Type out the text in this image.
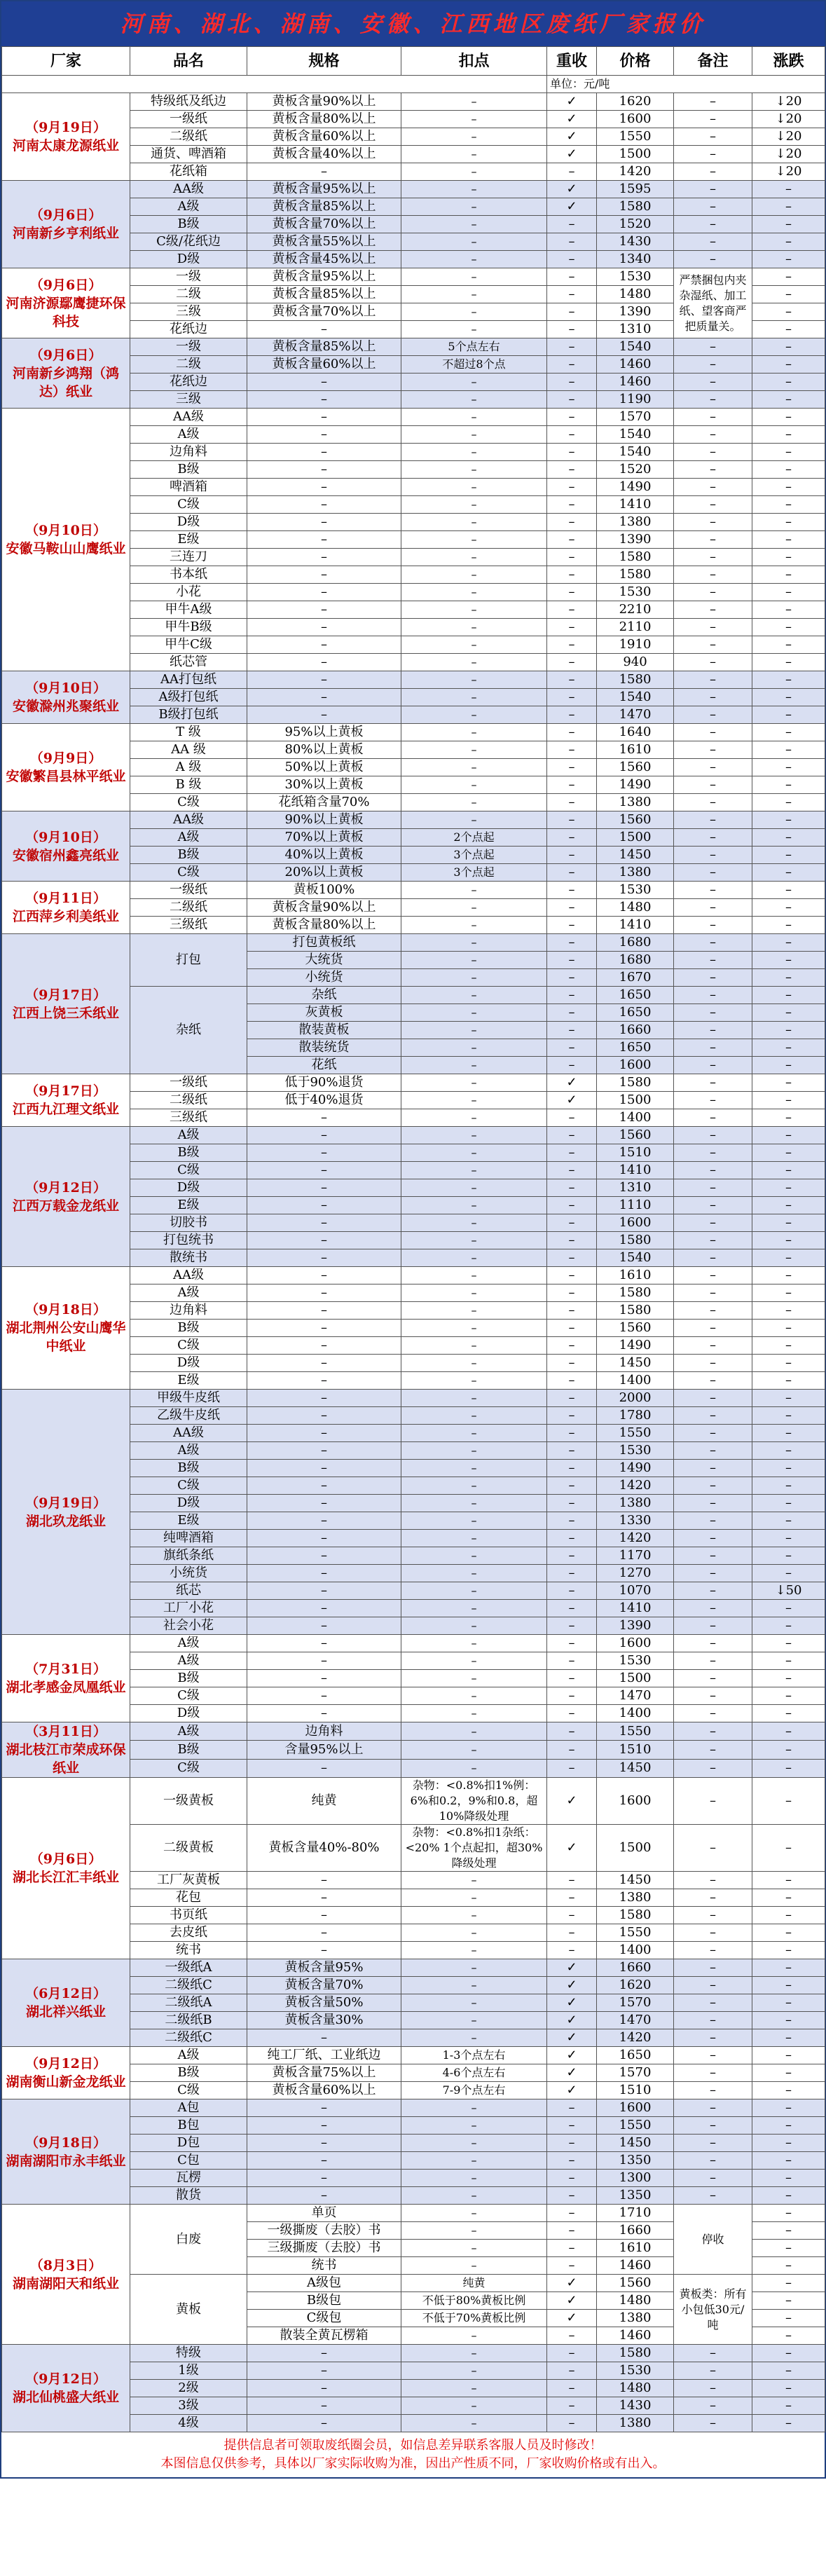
河南、湖北、湖南、安徽、江西地区废纸厂家报价
厂家	品名	规格	扣点	重收	价格	备注	涨跌
				单位：元/吨			

（9月19日）
河南太康龙源纸业	特级纸及纸边	黄板含量90%以上	–	✓	1620	–	↓20
	一级纸	黄板含量80%以上	–	✓	1600	–	↓20
	二级纸	黄板含量60%以上	–	✓	1550	–	↓20
	通货、啤酒箱	黄板含量40%以上	–	✓	1500	–	↓20
	花纸箱	–	–	–	1420	–	↓20

（9月6日）
河南新乡亨利纸业	AA级	黄板含量95%以上	–	✓	1595	–	–
	A级	黄板含量85%以上	–	✓	1580	–	–
	B级	黄板含量70%以上	–	–	1520	–	–
	C级/花纸边	黄板含量55%以上	–	–	1430	–	–
	D级	黄板含量45%以上	–	–	1340	–	–

（9月6日）
河南济源鄢鹰捷环保科技	一级	黄板含量95%以上	–	–	1530	严禁捆包内夹杂湿纸、加工纸、望客商严把质量关。	–
	二级	黄板含量85%以上	–	–	1480		–
	三级	黄板含量70%以上	–	–	1390		–
	花纸边	–	–	–	1310		–

（9月6日）
河南新乡鸿翔（鸿达）纸业	一级	黄板含量85%以上	5个点左右	–	1540	–	–
	二级	黄板含量60%以上	不超过8个点	–	1460	–	–
	花纸边	–	–	–	1460	–	–
	三级	–	–	–	1190	–	–

（9月10日）
安徽马鞍山山鹰纸业	AA级	–	–	–	1570	–	–
	A级	–	–	–	1540	–	–
	边角料	–	–	–	1540	–	–
	B级	–	–	–	1520	–	–
	啤酒箱	–	–	–	1490	–	–
	C级	–	–	–	1410	–	–
	D级	–	–	–	1380	–	–
	E级	–	–	–	1390	–	–
	三连刀	–	–	–	1580	–	–
	书本纸	–	–	–	1580	–	–
	小花	–	–	–	1530	–	–
	甲牛A级	–	–	–	2210	–	–
	甲牛B级	–	–	–	2110	–	–
	甲牛C级	–	–	–	1910	–	–
	纸芯管	–	–	–	940	–	–

（9月10日）
安徽滁州兆聚纸业	AA打包纸	–	–	–	1580	–	–
	A级打包纸	–	–	–	1540	–	–
	B级打包纸	–	–	–	1470	–	–

（9月9日）
安徽繁昌县林平纸业	T 级	95%以上黄板	–	–	1640	–	–
	AA 级	80%以上黄板	–	–	1610	–	–
	A 级	50%以上黄板	–	–	1560	–	–
	B 级	30%以上黄板	–	–	1490	–	–
	C级	花纸箱含量70%	–	–	1380	–	–

（9月10日）
安徽宿州鑫亮纸业	AA级	90%以上黄板	–	–	1560	–	–
	A级	70%以上黄板	2个点起	–	1500	–	–
	B级	40%以上黄板	3个点起	–	1450	–	–
	C级	20%以上黄板	3个点起	–	1380	–	–

（9月11日）
江西萍乡利美纸业	一级纸	黄板100%	–	–	1530	–	–
	二级纸	黄板含量90%以上	–	–	1480	–	–
	三级纸	黄板含量80%以上	–	–	1410	–	–

（9月17日）
江西上饶三禾纸业	打包	打包黄板纸	–	–	1680	–	–
		大统货	–	–	1680	–	–
		小统货	–	–	1670	–	–
	杂纸	杂纸	–	–	1650	–	–
		灰黄板	–	–	1650	–	–
		散装黄板	–	–	1660	–	–
		散装统货	–	–	1650	–	–
		花纸	–	–	1600	–	–

（9月17日）
江西九江理文纸业	一级纸	低于90%退货	–	✓	1580	–	–
	二级纸	低于40%退货	–	✓	1500	–	–
	三级纸	–	–	–	1400	–	–

（9月12日）
江西万载金龙纸业	A级	–	–	–	1560	–	–
	B级	–	–	–	1510	–	–
	C级	–	–	–	1410	–	–
	D级	–	–	–	1310	–	–
	E级	–	–	–	1110	–	–
	切胶书	–	–	–	1600	–	–
	打包统书	–	–	–	1580	–	–
	散统书	–	–	–	1540	–	–

（9月18日）
湖北荆州公安山鹰华中纸业	AA级	–	–	–	1610	–	–
	A级	–	–	–	1580	–	–
	边角料	–	–	–	1580	–	–
	B级	–	–	–	1560	–	–
	C级	–	–	–	1490	–	–
	D级	–	–	–	1450	–	–
	E级	–	–	–	1400	–	–

（9月19日）
湖北玖龙纸业	甲级牛皮纸	–	–	–	2000	–	–
	乙级牛皮纸	–	–	–	1780	–	–
	AA级	–	–	–	1550	–	–
	A级	–	–	–	1530	–	–
	B级	–	–	–	1490	–	–
	C级	–	–	–	1420	–	–
	D级	–	–	–	1380	–	–
	E级	–	–	–	1330	–	–
	纯啤酒箱	–	–	–	1420	–	–
	旗纸条纸	–	–	–	1170	–	–
	小统货	–	–	–	1270	–	–
	纸芯	–	–	–	1070	–	↓50
	工厂小花	–	–	–	1410	–	–
	社会小花	–	–	–	1390	–	–

（7月31日）
湖北孝感金凤凰纸业	A级	–	–	–	1600	–	–
	A级	–	–	–	1530	–	–
	B级	–	–	–	1500	–	–
	C级	–	–	–	1470	–	–
	D级	–	–	–	1400	–	–

（3月11日）
湖北枝江市荣成环保纸业	A级	边角料	–	–	1550	–	–
	B级	含量95%以上	–	–	1510	–	–
	C级	–	–	–	1450	–	–

（9月6日）
湖北长江汇丰纸业	一级黄板	纯黄	杂物：<0.8%扣1%例：6%和0.2，9%和0.8，超10%降级处理	✓	1600	–	–
	二级黄板	黄板含量40%-80%	杂物：<0.8%扣1杂纸：<20% 1个点起扣，超30%降级处理	✓	1500	–	–
	工厂灰黄板	–	–	–	1450	–	–
	花包	–	–	–	1380	–	–
	书页纸	–	–	–	1580	–	–
	去皮纸	–	–	–	1550	–	–
	统书	–	–	–	1400	–	–

（6月12日）
湖北祥兴纸业	一级纸A	黄板含量95%	–	✓	1660	–	–
	二级纸C	黄板含量70%	–	✓	1620	–	–
	二级纸A	黄板含量50%	–	✓	1570	–	–
	二级纸B	黄板含量30%	–	✓	1470	–	–
	二级纸C	–	–	✓	1420	–	–

（9月12日）
湖南衡山新金龙纸业	A级	纯工厂纸、工业纸边	1-3个点左右	✓	1650	–	–
	B级	黄板含量75%以上	4-6个点左右	✓	1570	–	–
	C级	黄板含量60%以上	7-9个点左右	✓	1510	–	–

（9月18日）
湖南湖阳市永丰纸业	A包	–	–	–	1600	–	–
	B包	–	–	–	1550	–	–
	D包	–	–	–	1450	–	–
	C包	–	–	–	1350	–	–
	瓦楞	–	–	–	1300	–	–
	散货	–	–	–	1350	–	–

（8月3日）
湖南湖阳天和纸业	白废	单页	–	–	1710	停收	–
		一级撕废（去胶）书	–	–	1660		–
		三级撕废（去胶）书	–	–	1610		–
		统书	–	–	1460		–
	黄板	A级包	纯黄	✓	1560	黄板类：所有小包低30元/吨	–
		B级包	不低于80%黄板比例	✓	1480		–
		C级包	不低于70%黄板比例	✓	1380		–
		散装全黄瓦楞箱	–	–	1460		–

（9月12日）
湖北仙桃盛大纸业	特级	–	–	–	1580	–	–
	1级	–	–	–	1530	–	–
	2级	–	–	–	1480	–	–
	3级	–	–	–	1430	–	–
	4级	–	–	–	1380	–	–
提供信息者可领取废纸圈会员，如信息差异联系客服人员及时修改！
本图信息仅供参考，具体以厂家实际收购为准，因出产性质不同，厂家收购价格或有出入。
